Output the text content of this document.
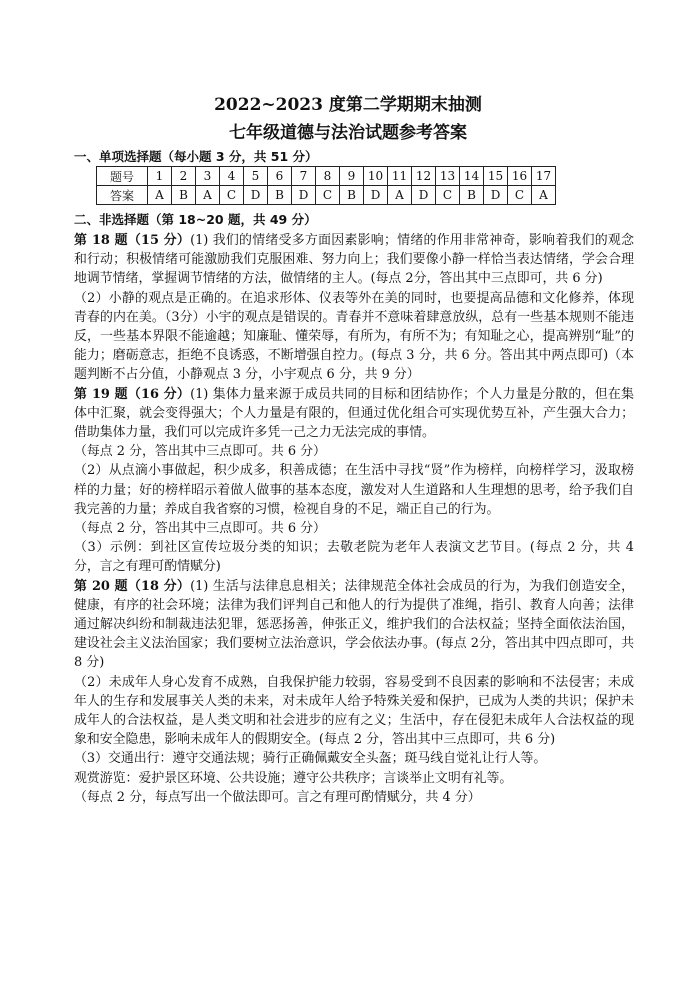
2022~2023 度第二学期期末抽测
七年级道德与法治试题参考答案
一、单项选择题（每小题 3 分，共 51 分）
题号	1	2	3	4	5	6	7	8	9	10	11	12	13	14	15	16	17
答案	A	B	A	C	D	B	D	C	B	D	A	D	C	B	D	C	A
二、非选择题（第 18~20 题，共 49 分）

第 18 题（15 分）(1) 我们的情绪受多方面因素影响；情绪的作用非常神奇，影响着我们的观念和行动；积极情绪可能激励我们克服困难、努力向上；我们要像小静一样恰当表达情绪，学会合理地调节情绪，掌握调节情绪的方法，做情绪的主人。(每点 2分，答出其中三点即可，共 6 分)

（2）小静的观点是正确的。在追求形体、仪表等外在美的同时，也要提高品德和文化修养，体现青春的内在美。（3分）小宇的观点是错误的。青春并不意味着肆意放纵，总有一些基本规则不能违反，一些基本界限不能逾越；知廉耻、懂荣辱，有所为，有所不为；有知耻之心，提高辨别“耻”的能力；磨砺意志，拒绝不良诱惑，不断增强自控力。(每点 3 分，共 6 分。答出其中两点即可)（本题判断不占分值，小静观点 3 分，小宇观点 6 分，共 9 分）

第 19 题（16 分）(1) 集体力量来源于成员共同的目标和团结协作；个人力量是分散的，但在集体中汇聚，就会变得强大；个人力量是有限的，但通过优化组合可实现优势互补，产生强大合力；借助集体力量，我们可以完成许多凭一己之力无法完成的事情。

（每点 2 分，答出其中三点即可。共 6 分）

（2）从点滴小事做起，积少成多，积善成德；在生活中寻找“贤”作为榜样，向榜样学习，汲取榜样的力量；好的榜样昭示着做人做事的基本态度，激发对人生道路和人生理想的思考，给予我们自我完善的力量；养成自我省察的习惯，检视自身的不足，端正自己的行为。

（每点 2 分，答出其中三点即可。共 6 分）

（3）示例：到社区宣传垃圾分类的知识；去敬老院为老年人表演文艺节目。(每点 2 分，共 4 分，言之有理可酌情赋分)

第 20 题（18 分）(1) 生活与法律息息相关；法律规范全体社会成员的行为，为我们创造安全，健康，有序的社会环境；法律为我们评判自己和他人的行为提供了准绳，指引、教育人向善；法律通过解决纠纷和制裁违法犯罪，惩恶扬善，伸张正义，维护我们的合法权益；坚持全面依法治国，建设社会主义法治国家；我们要树立法治意识，学会依法办事。(每点 2分，答出其中四点即可，共 8 分)

（2）未成年人身心发育不成熟，自我保护能力较弱，容易受到不良因素的影响和不法侵害；未成年人的生存和发展事关人类的未来，对未成年人给予特殊关爱和保护，已成为人类的共识；保护未成年人的合法权益，是人类文明和社会进步的应有之义；生活中，存在侵犯未成年人合法权益的现象和安全隐患，影响未成年人的假期安全。(每点 2 分，答出其中三点即可，共 6 分)

（3）交通出行：遵守交通法规；骑行正确佩戴安全头盔；斑马线自觉礼让行人等。

观赏游览：爱护景区环境、公共设施；遵守公共秩序；言谈举止文明有礼等。

（每点 2 分，每点写出一个做法即可。言之有理可酌情赋分，共 4 分）
